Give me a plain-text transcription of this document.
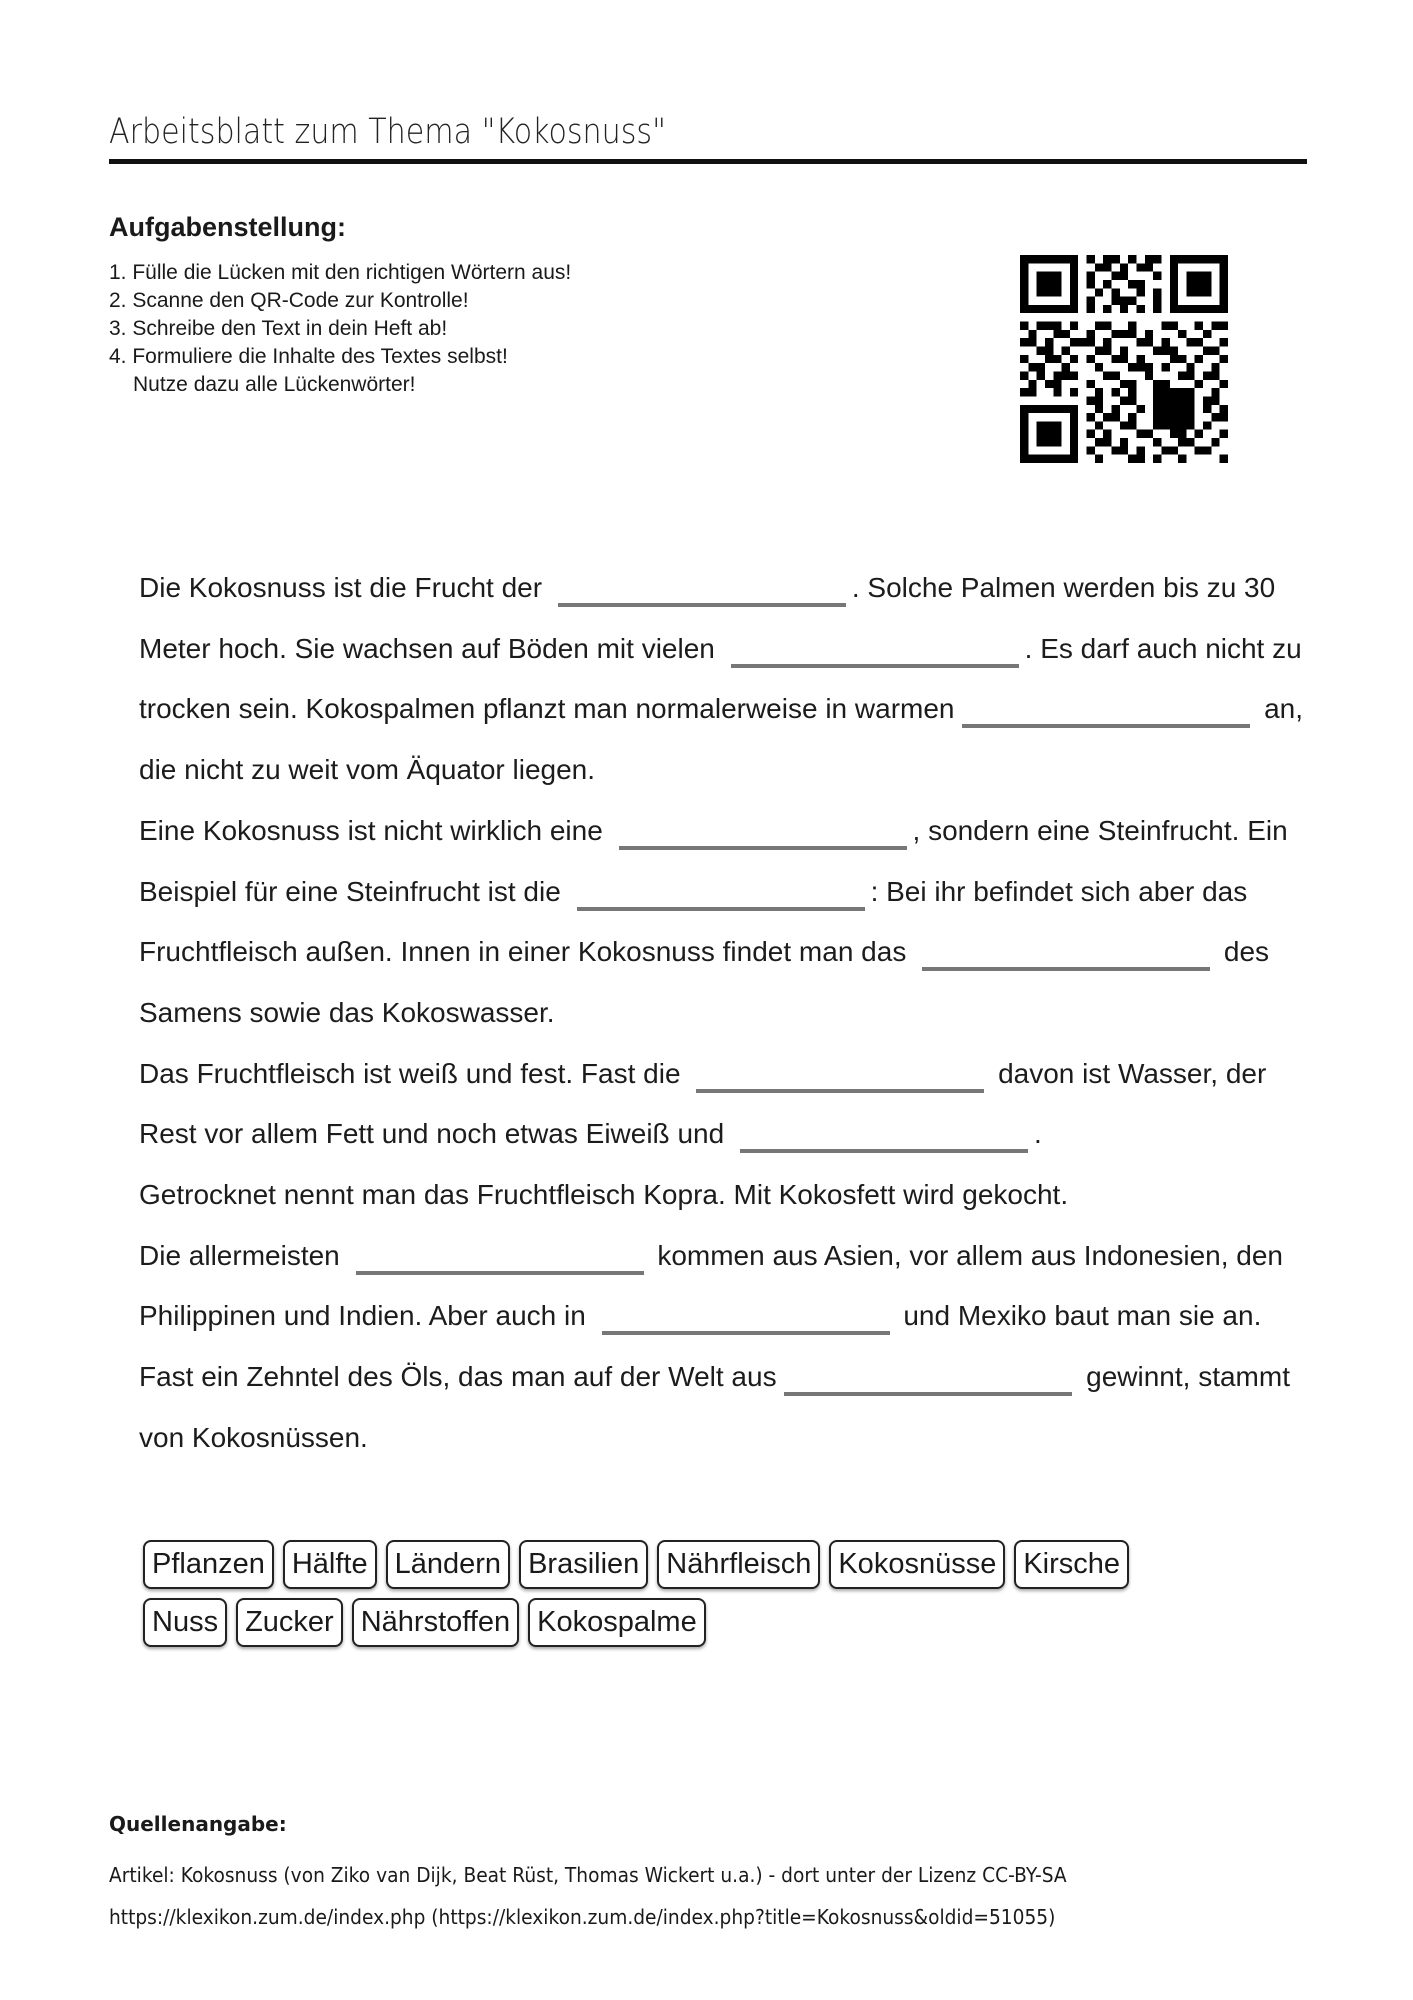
Arbeitsblatt zum Thema "Kokosnuss"
Aufgabenstellung:
1. Fülle die Lücken mit den richtigen Wörtern aus!
2. Scanne den QR-Code zur Kontrolle!
3. Schreibe den Text in dein Heft ab!
4. Formuliere die Inhalte des Textes selbst!
Nutze dazu alle Lückenwörter!

Die Kokosnuss ist die Frucht der	. Solche Palmen werden bis zu 30 Meter hoch. Sie wachsen auf Böden mit vielen	. Es darf auch nicht zu trocken sein. Kokospalmen pflanzt man normalerweise in warmen	an, die nicht zu weit vom Äquator liegen.

Eine Kokosnuss ist nicht wirklich eine	, sondern eine Steinfrucht. Ein Beispiel für eine Steinfrucht ist die	: Bei ihr befindet sich aber das Fruchtfleisch außen. Innen in einer Kokosnuss findet man das	des Samens sowie das Kokoswasser.

Das Fruchtfleisch ist weiß und fest. Fast die	davon ist Wasser, der Rest vor allem Fett und noch etwas Eiweiß und	.

Getrocknet nennt man das Fruchtfleisch Kopra. Mit Kokosfett wird gekocht.

Die allermeisten	kommen aus Asien, vor allem aus Indonesien, den Philippinen und Indien. Aber auch in	und Mexiko baut man sie an. Fast ein Zehntel des Öls, das man auf der Welt aus	gewinnt, stammt von Kokosnüssen.

Pflanzen Hälfte Ländern Brasilien Nährfleisch Kokosnüsse Kirsche
Nuss Zucker Nährstoffen Kokospalme
Quellenangabe:
Artikel: Kokosnuss (von Ziko van Dijk, Beat Rüst, Thomas Wickert u.a.) - dort unter der Lizenz CC-BY-SA
https://klexikon.zum.de/index.php (https://klexikon.zum.de/index.php?title=Kokosnuss&oldid=51055)
